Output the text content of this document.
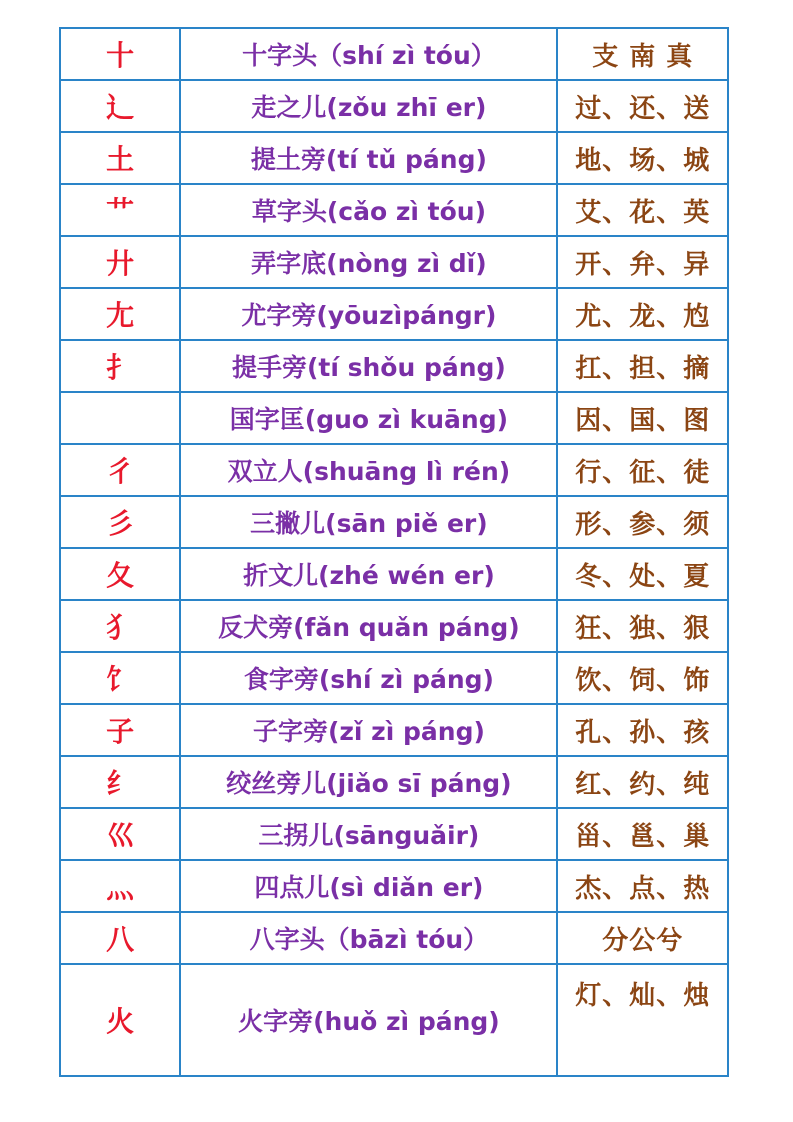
十	十字头（shí zì tóu）	支 南 真
辶	走之儿(zǒu zhī er)	过、还、送
土	提土旁(tí tǔ páng)	地、场、城
艹	草字头(cǎo zì tóu)	艾、花、英
廾	弄字底(nòng zì dǐ)	开、弁、异
尢	尤字旁(yōuzìpángr)	尤、龙、尥
扌	提手旁(tí shǒu páng)	扛、担、摘
	国字匡(guo zì kuāng)	因、国、图
彳	双立人(shuāng lì rén)	行、征、徒
彡	三撇儿(sān piě er)	形、参、须
夂	折文儿(zhé wén er)	冬、处、夏
犭	反犬旁(fǎn quǎn páng)	狂、独、狠
饣	食字旁(shí zì páng)	饮、饲、饰
子	子字旁(zǐ zì páng)	孔、孙、孩
纟	绞丝旁儿(jiǎo sī páng)	红、约、纯
巛	三拐儿(sānguǎir)	甾、邕、巢
灬	四点儿(sì diǎn er)	杰、点、热
八	八字头（bāzì tóu）	分公兮
火	火字旁(huǒ zì páng)	灯、灿、烛
